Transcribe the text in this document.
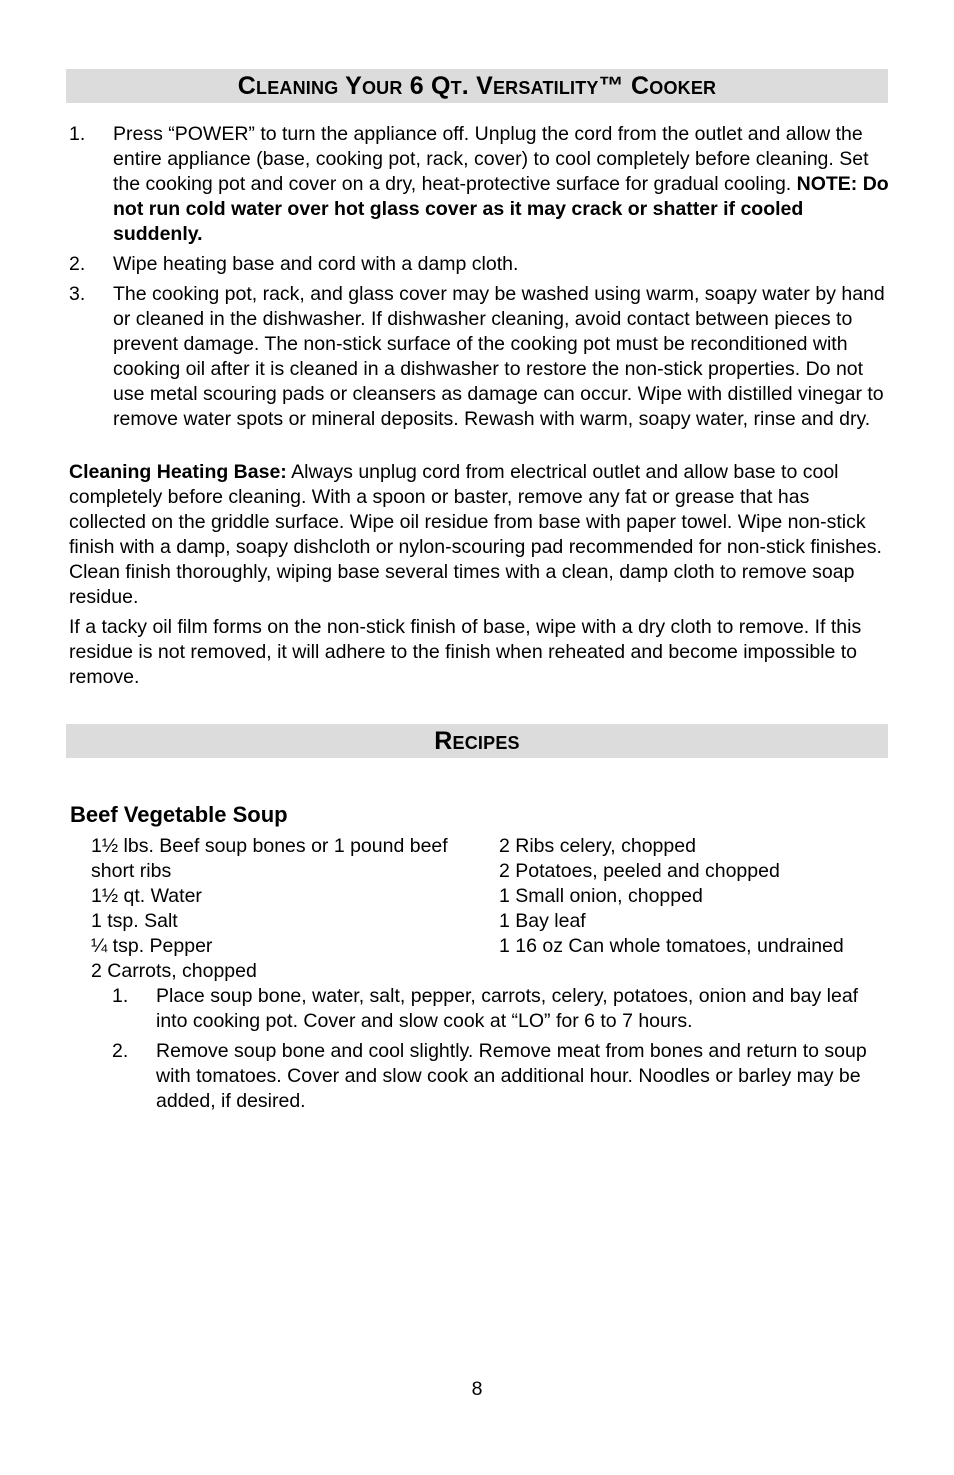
Cleaning Your 6 Qt. Versatility™ Cooker
1. Press “POWER” to turn the appliance off. Unplug the cord from the outlet and allow the entire appliance (base, cooking pot, rack, cover) to cool completely before cleaning. Set the cooking pot and cover on a dry, heat-protective surface for gradual cooling. NOTE: Do not run cold water over hot glass cover as it may crack or shatter if cooled suddenly.
2. Wipe heating base and cord with a damp cloth.
3. The cooking pot, rack, and glass cover may be washed using warm, soapy water by hand or cleaned in the dishwasher. If dishwasher cleaning, avoid contact between pieces to prevent damage. The non-stick surface of the cooking pot must be reconditioned with cooking oil after it is cleaned in a dishwasher to restore the non-stick properties. Do not use metal scouring pads or cleansers as damage can occur. Wipe with distilled vinegar to remove water spots or mineral deposits. Rewash with warm, soapy water, rinse and dry.

Cleaning Heating Base: Always unplug cord from electrical outlet and allow base to cool completely before cleaning. With a spoon or baster, remove any fat or grease that has collected on the griddle surface. Wipe oil residue from base with paper towel. Wipe non-stick finish with a damp, soapy dishcloth or nylon-scouring pad recommended for non-stick finishes. Clean finish thoroughly, wiping base several times with a clean, damp cloth to remove soap residue.

If a tacky oil film forms on the non-stick finish of base, wipe with a dry cloth to remove. If this residue is not removed, it will adhere to the finish when reheated and become impossible to remove.

Recipes
Beef Vegetable Soup
1½ lbs. Beef soup bones or 1 pound beef short ribs
1½ qt. Water
1 tsp. Salt
¼ tsp. Pepper
2 Carrots, chopped
2 Ribs celery, chopped
2 Potatoes, peeled and chopped
1 Small onion, chopped
1 Bay leaf
1 16 oz Can whole tomatoes, undrained
1. Place soup bone, water, salt, pepper, carrots, celery, potatoes, onion and bay leaf into cooking pot. Cover and slow cook at “LO” for 6 to 7 hours.
2. Remove soup bone and cool slightly. Remove meat from bones and return to soup with tomatoes. Cover and slow cook an additional hour. Noodles or barley may be added, if desired.
8
